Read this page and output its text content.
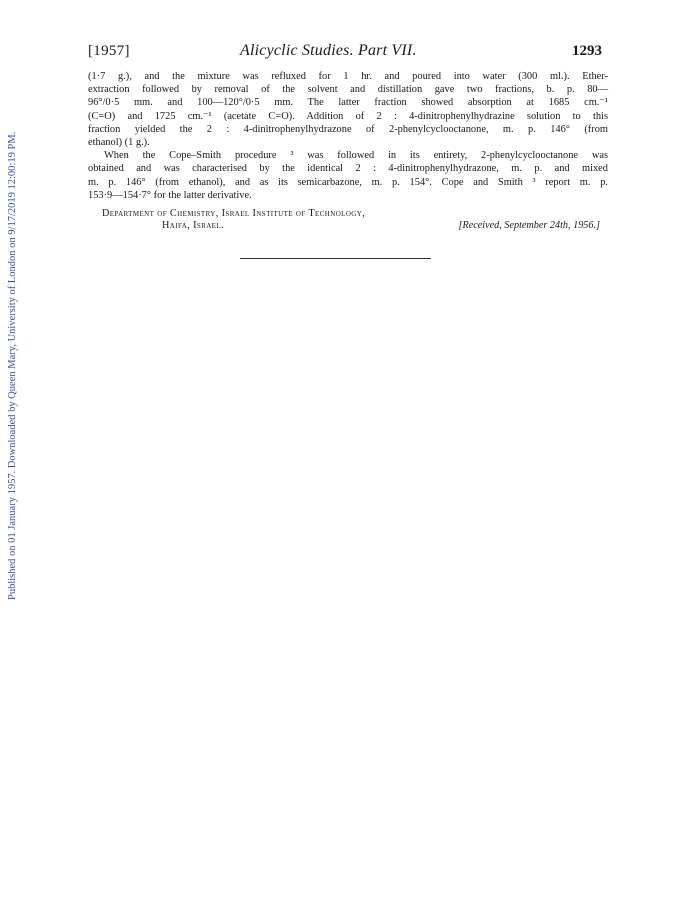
Published on 01 January 1957. Downloaded by Queen Mary, University of London on 9/17/2019 12:00:19 PM.
[1957]	Alicyclic Studies. Part VII.	1293

(1·7 g.), and the mixture was refluxed for 1 hr. and poured into water (300 ml.). Ether-
extraction followed by removal of the solvent and distillation gave two fractions, b. p. 80—
96°/0·5 mm. and 100—120°/0·5 mm. The latter fraction showed absorption at 1685 cm.⁻¹
(C=O) and 1725 cm.⁻¹ (acetate C=O). Addition of 2 : 4-dinitrophenylhydrazine solution to this
fraction yielded the 2 : 4-dinitrophenylhydrazone of 2-phenylcyclooctanone, m. p. 146° (from
ethanol) (1 g.).

When the Cope–Smith procedure ³ was followed in its entirety, 2-phenylcyclooctanone was
obtained and was characterised by the identical 2 : 4-dinitrophenylhydrazone, m. p. and mixed
m. p. 146° (from ethanol), and as its semicarbazone, m. p. 154°. Cope and Smith ³ report m. p.
153·9—154·7° for the latter derivative.

Department of Chemistry, Israel Institute of Technology,
Haifa, Israel.	[Received, September 24th, 1956.]
